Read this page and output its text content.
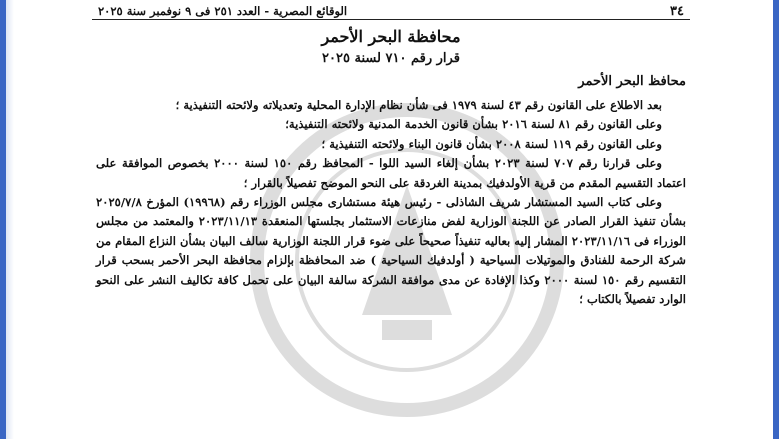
٣٤
الوقائع المصرية - العدد ٢٥١ فى ٩ نوفمبر سنة ٢٠٢٥
محافظة البحر الأحمر
قرار رقم ٧١٠ لسنة ٢٠٢٥
محافظ البحر الأحمر

بعد الاطلاع على القانون رقم ٤٣ لسنة ١٩٧٩ فى شأن نظام الإدارة المحلية وتعديلاته ولائحته التنفيذية ؛

وعلى القانون رقم ٨١ لسنة ٢٠١٦ بشأن قانون الخدمة المدنية ولائحته التنفيذية؛

وعلى القانون رقم ١١٩ لسنة ٢٠٠٨ بشأن قانون البناء ولائحته التنفيذية ؛

وعلى قرارنا رقم ٧٠٧ لسنة ٢٠٢٣ بشأن إلغاء السيد اللوا - المحافظ رقم ١٥٠ لسنة ٢٠٠٠ بخصوص الموافقة على اعتماد التقسيم المقدم من قرية الأولدفيك بمدينة الغردقة على النحو الموضح تفصيلاً بالقرار ؛

وعلى كتاب السيد المستشار شريف الشاذلى - رئيس هيئة مستشارى مجلس الوزراء رقم (١٩٩٦٨) المؤرخ ٢٠٢٥/٧/٨ بشأن تنفيذ القرار الصادر عن اللجنة الوزارية لفض منازعات الاستثمار بجلستها المنعقدة ٢٠٢٣/١١/١٣ والمعتمد من مجلس الوزراء فى ٢٠٢٣/١١/١٦ المشار إليه بعاليه تنفيذاً صحيحاً على ضوء قرار اللجنة الوزارية سالف البيان بشأن النزاع المقام من شركة الرحمة للفنادق والموتيلات السياحية ( أولدفيك السياحية ) ضد المحافظة بإلزام محافظة البحر الأحمر بسحب قرار التقسيم رقم ١٥٠ لسنة ٢٠٠٠ وكذا الإفادة عن مدى موافقة الشركة سالفة البيان على تحمل كافة تكاليف النشر على النحو الوارد تفصيلاً بالكتاب ؛
